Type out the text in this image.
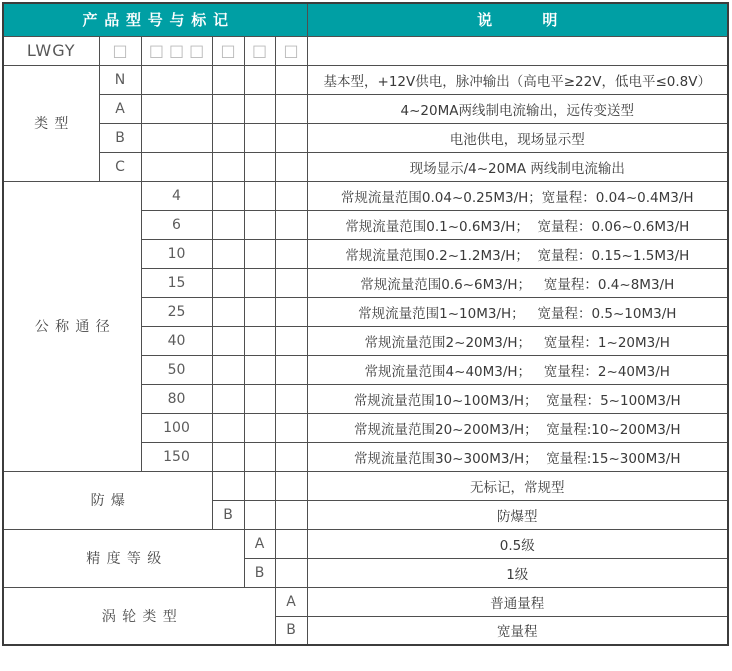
产品型号与标记						说　　明
LWGY	□	□ □ □	□	□	□	
类型	N					基本型，+12V供电，脉冲输出（高电平≥22V，低电平≤0.8V）
	A					4~20MA两线制电流输出，远传变送型
	B					电池供电，现场显示型
	C					现场显示/4~20MA 两线制电流输出
公称通径		4				常规流量范围0.04~0.25M3/H；宽量程：0.04~0.4M3/H
		6				常规流量范围0.1~0.6M3/H；  宽量程：0.06~0.6M3/H
		10				常规流量范围0.2~1.2M3/H；  宽量程：0.15~1.5M3/H
		15				常规流量范围0.6~6M3/H；   宽量程：0.4~8M3/H
		25				常规流量范围1~10M3/H；   宽量程：0.5~10M3/H
		40				常规流量范围2~20M3/H；   宽量程：1~20M3/H
		50				常规流量范围4~40M3/H；   宽量程：2~40M3/H
		80				常规流量范围10~100M3/H；  宽量程：5~100M3/H
		100				常规流量范围20~200M3/H；  宽量程:10~200M3/H
		150				常规流量范围30~300M3/H；  宽量程:15~300M3/H
防爆						无标记，常规型
			B			防爆型
精度等级				A		0.5级
				B		1级
涡轮类型					A	普通量程
					B	宽量程
